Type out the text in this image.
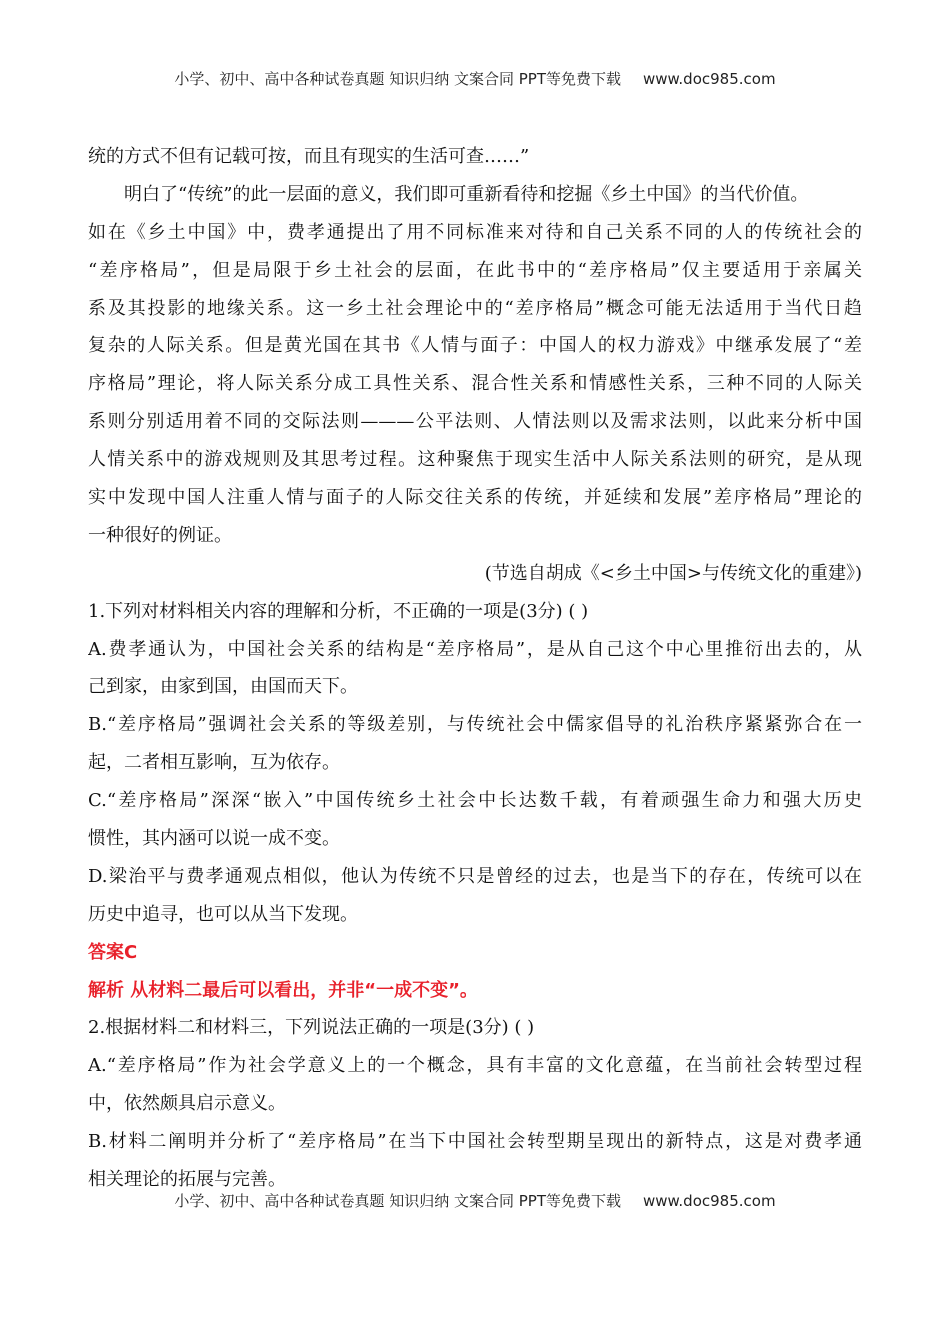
小学、初中、高中各种试卷真题 知识归纳 文案合同 PPT等免费下载 www.doc985.com
统的方式不但有记载可按，而且有现实的生活可查……”
明白了“传统”的此一层面的意义，我们即可重新看待和挖掘《乡土中国》的当代价值。
如在《乡土中国》中，费孝通提出了用不同标准来对待和自己关系不同的人的传统社会的
“差序格局”，但是局限于乡土社会的层面，在此书中的“差序格局”仅主要适用于亲属关
系及其投影的地缘关系。这一乡土社会理论中的“差序格局”概念可能无法适用于当代日趋
复杂的人际关系。但是黄光国在其书《人情与面子：中国人的权力游戏》中继承发展了“差
序格局”理论，将人际关系分成工具性关系、混合性关系和情感性关系，三种不同的人际关
系则分别适用着不同的交际法则———公平法则、人情法则以及需求法则，以此来分析中国
人情关系中的游戏规则及其思考过程。这种聚焦于现实生活中人际关系法则的研究，是从现
实中发现中国人注重人情与面子的人际交往关系的传统，并延续和发展”差序格局”理论的
一种很好的例证。
(节选自胡成《<乡土中国>与传统文化的重建》)
1.下列对材料相关内容的理解和分析，不正确的一项是(3分) ( )
A.费孝通认为，中国社会关系的结构是“差序格局”，是从自己这个中心里推衍出去的，从
己到家，由家到国，由国而天下。
B.“差序格局”强调社会关系的等级差别，与传统社会中儒家倡导的礼治秩序紧紧弥合在一
起，二者相互影响，互为依存。
C.“差序格局”深深“嵌入”中国传统乡土社会中长达数千载，有着顽强生命力和强大历史
惯性，其内涵可以说一成不变。
D.梁治平与费孝通观点相似，他认为传统不只是曾经的过去，也是当下的存在，传统可以在
历史中追寻，也可以从当下发现。
答案C
解析 从材料二最后可以看出，并非“一成不变”。
2.根据材料二和材料三，下列说法正确的一项是(3分) ( )
A.“差序格局”作为社会学意义上的一个概念，具有丰富的文化意蕴，在当前社会转型过程
中，依然颇具启示意义。
B.材料二阐明并分析了“差序格局”在当下中国社会转型期呈现出的新特点，这是对费孝通
相关理论的拓展与完善。
小学、初中、高中各种试卷真题 知识归纳 文案合同 PPT等免费下载 www.doc985.com
